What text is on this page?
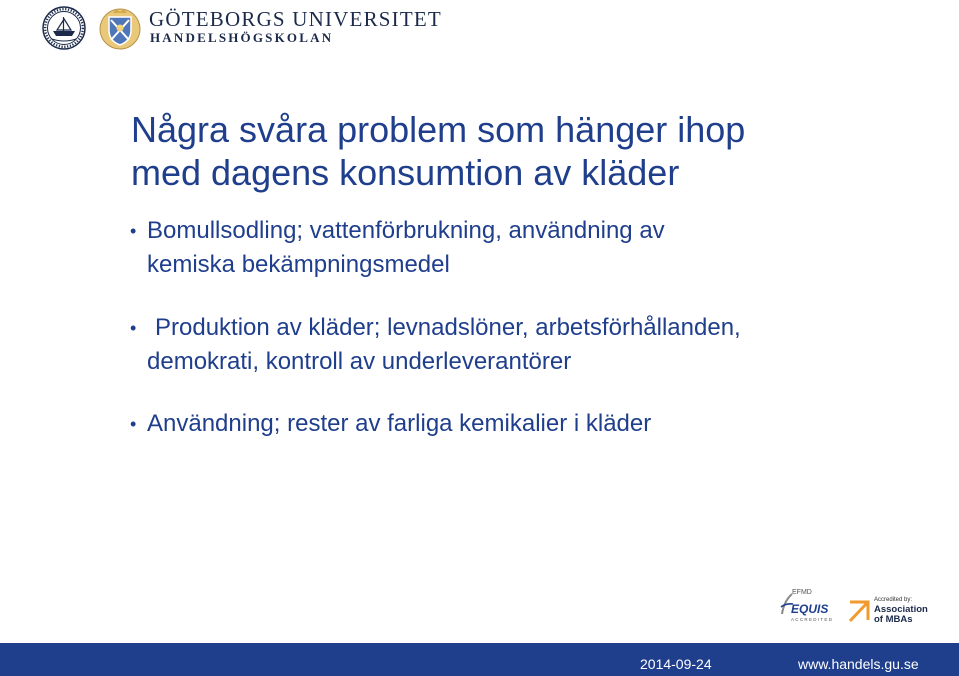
GÖTEBORGS UNIVERSITET
HANDELSHÖGSKOLAN
Några svåra problem som hänger ihop
med dagens konsumtion av kläder
• Bomullsodling; vattenförbrukning, användning av
kemiska bekämpningsmedel
• Produktion av kläder; levnadslöner, arbetsförhållanden,
demokrati, kontroll av underleverantörer
• Användning; rester av farliga kemikalier i kläder
EFMD
EQUIS
ACCREDITED
Accredited by:
Association
of MBAs
2014-09-24	www.handels.gu.se
